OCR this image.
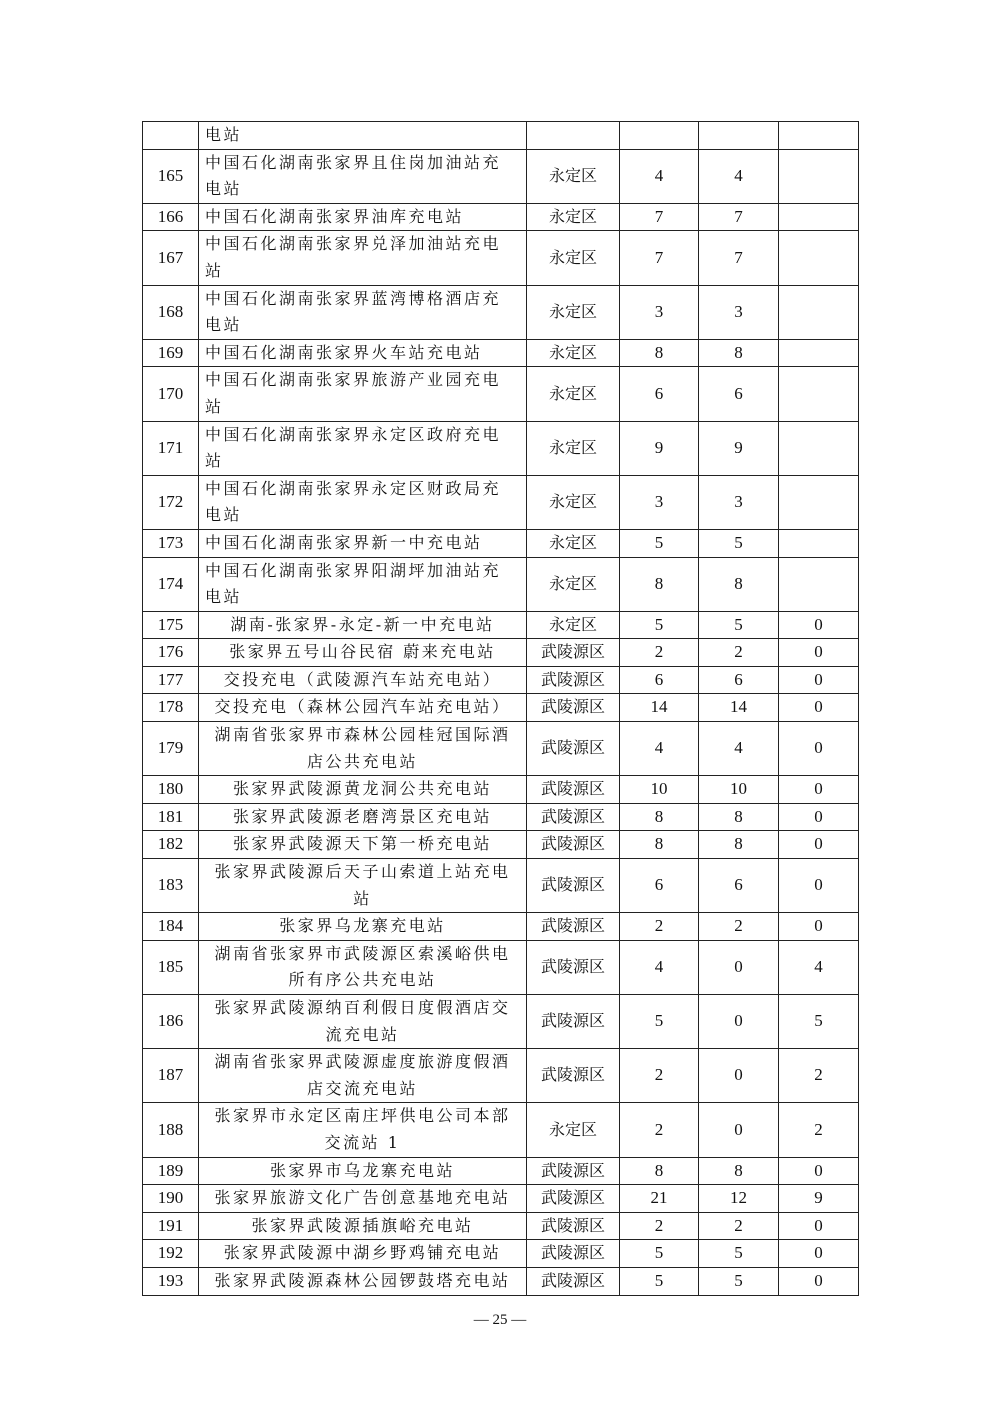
	电站				
165	中国石化湖南张家界且住岗加油站充
电站	永定区	4	4	
166	中国石化湖南张家界油库充电站	永定区	7	7	
167	中国石化湖南张家界兑泽加油站充电
站	永定区	7	7	
168	中国石化湖南张家界蓝湾博格酒店充
电站	永定区	3	3	
169	中国石化湖南张家界火车站充电站	永定区	8	8	
170	中国石化湖南张家界旅游产业园充电
站	永定区	6	6	
171	中国石化湖南张家界永定区政府充电
站	永定区	9	9	
172	中国石化湖南张家界永定区财政局充
电站	永定区	3	3	
173	中国石化湖南张家界新一中充电站	永定区	5	5	
174	中国石化湖南张家界阳湖坪加油站充
电站	永定区	8	8	
175	湖南-张家界-永定-新一中充电站	永定区	5	5	0
176	张家界五号山谷民宿 蔚来充电站	武陵源区	2	2	0
177	交投充电（武陵源汽车站充电站）	武陵源区	6	6	0
178	交投充电（森林公园汽车站充电站）	武陵源区	14	14	0
179	湖南省张家界市森林公园桂冠国际酒
店公共充电站	武陵源区	4	4	0
180	张家界武陵源黄龙洞公共充电站	武陵源区	10	10	0
181	张家界武陵源老磨湾景区充电站	武陵源区	8	8	0
182	张家界武陵源天下第一桥充电站	武陵源区	8	8	0
183	张家界武陵源后天子山索道上站充电
站	武陵源区	6	6	0
184	张家界乌龙寨充电站	武陵源区	2	2	0
185	湖南省张家界市武陵源区索溪峪供电
所有序公共充电站	武陵源区	4	0	4
186	张家界武陵源纳百利假日度假酒店交
流充电站	武陵源区	5	0	5
187	湖南省张家界武陵源虚度旅游度假酒
店交流充电站	武陵源区	2	0	2
188	张家界市永定区南庄坪供电公司本部
交流站 1	永定区	2	0	2
189	张家界市乌龙寨充电站	武陵源区	8	8	0
190	张家界旅游文化广告创意基地充电站	武陵源区	21	12	9
191	张家界武陵源插旗峪充电站	武陵源区	2	2	0
192	张家界武陵源中湖乡野鸡铺充电站	武陵源区	5	5	0
193	张家界武陵源森林公园锣鼓塔充电站	武陵源区	5	5	0
— 25 —
